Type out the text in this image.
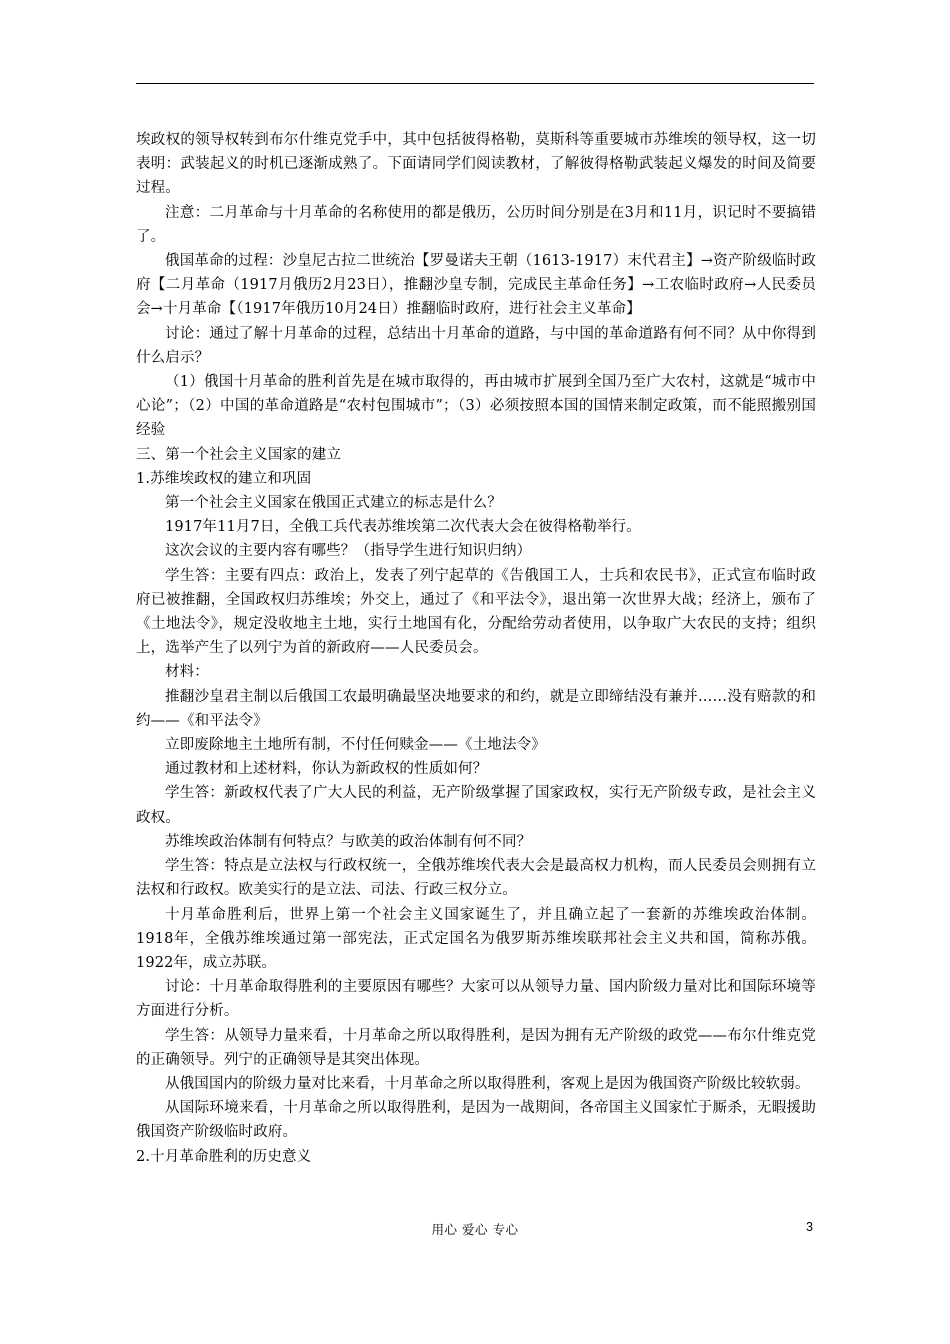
埃政权的领导权转到布尔什维克党手中，其中包括彼得格勒，莫斯科等重要城市苏维埃的领导权，这一切表明：武装起义的时机已逐渐成熟了。下面请同学们阅读教材，了解彼得格勒武装起义爆发的时间及简要过程。

注意：二月革命与十月革命的名称使用的都是俄历，公历时间分别是在3月和11月，识记时不要搞错了。

俄国革命的过程：沙皇尼古拉二世统治【罗曼诺夫王朝（1613-1917）末代君主】→资产阶级临时政府【二月革命（1917月俄历2月23日），推翻沙皇专制，完成民主革命任务】→工农临时政府→人民委员会→十月革命【（1917年俄历10月24日）推翻临时政府，进行社会主义革命】

讨论：通过了解十月革命的过程，总结出十月革命的道路，与中国的革命道路有何不同？从中你得到什么启示？

（1）俄国十月革命的胜利首先是在城市取得的，再由城市扩展到全国乃至广大农村，这就是“城市中心论”；（2）中国的革命道路是“农村包围城市”；（3）必须按照本国的国情来制定政策，而不能照搬别国经验

三、第一个社会主义国家的建立

1.苏维埃政权的建立和巩固

第一个社会主义国家在俄国正式建立的标志是什么？

1917年11月7日，全俄工兵代表苏维埃第二次代表大会在彼得格勒举行。

这次会议的主要内容有哪些？（指导学生进行知识归纳）

学生答：主要有四点：政治上，发表了列宁起草的《告俄国工人，士兵和农民书》，正式宣布临时政府已被推翻，全国政权归苏维埃；外交上，通过了《和平法令》，退出第一次世界大战；经济上，颁布了《土地法令》，规定没收地主土地，实行土地国有化，分配给劳动者使用，以争取广大农民的支持；组织上，选举产生了以列宁为首的新政府——人民委员会。

材料：

推翻沙皇君主制以后俄国工农最明确最坚决地要求的和约，就是立即缔结没有兼并……没有赔款的和约——《和平法令》

立即废除地主土地所有制，不付任何赎金——《土地法令》

通过教材和上述材料，你认为新政权的性质如何？

学生答：新政权代表了广大人民的利益，无产阶级掌握了国家政权，实行无产阶级专政，是社会主义政权。

苏维埃政治体制有何特点？与欧美的政治体制有何不同？

学生答：特点是立法权与行政权统一，全俄苏维埃代表大会是最高权力机构，而人民委员会则拥有立法权和行政权。欧美实行的是立法、司法、行政三权分立。

十月革命胜利后，世界上第一个社会主义国家诞生了，并且确立起了一套新的苏维埃政治体制。1918年，全俄苏维埃通过第一部宪法，正式定国名为俄罗斯苏维埃联邦社会主义共和国，简称苏俄。1922年，成立苏联。

讨论：十月革命取得胜利的主要原因有哪些？大家可以从领导力量、国内阶级力量对比和国际环境等方面进行分析。

学生答：从领导力量来看，十月革命之所以取得胜利，是因为拥有无产阶级的政党——布尔什维克党的正确领导。列宁的正确领导是其突出体现。

从俄国国内的阶级力量对比来看，十月革命之所以取得胜利，客观上是因为俄国资产阶级比较软弱。

从国际环境来看，十月革命之所以取得胜利，是因为一战期间，各帝国主义国家忙于厮杀，无暇援助俄国资产阶级临时政府。

2.十月革命胜利的历史意义

用心 爱心 专心	3
